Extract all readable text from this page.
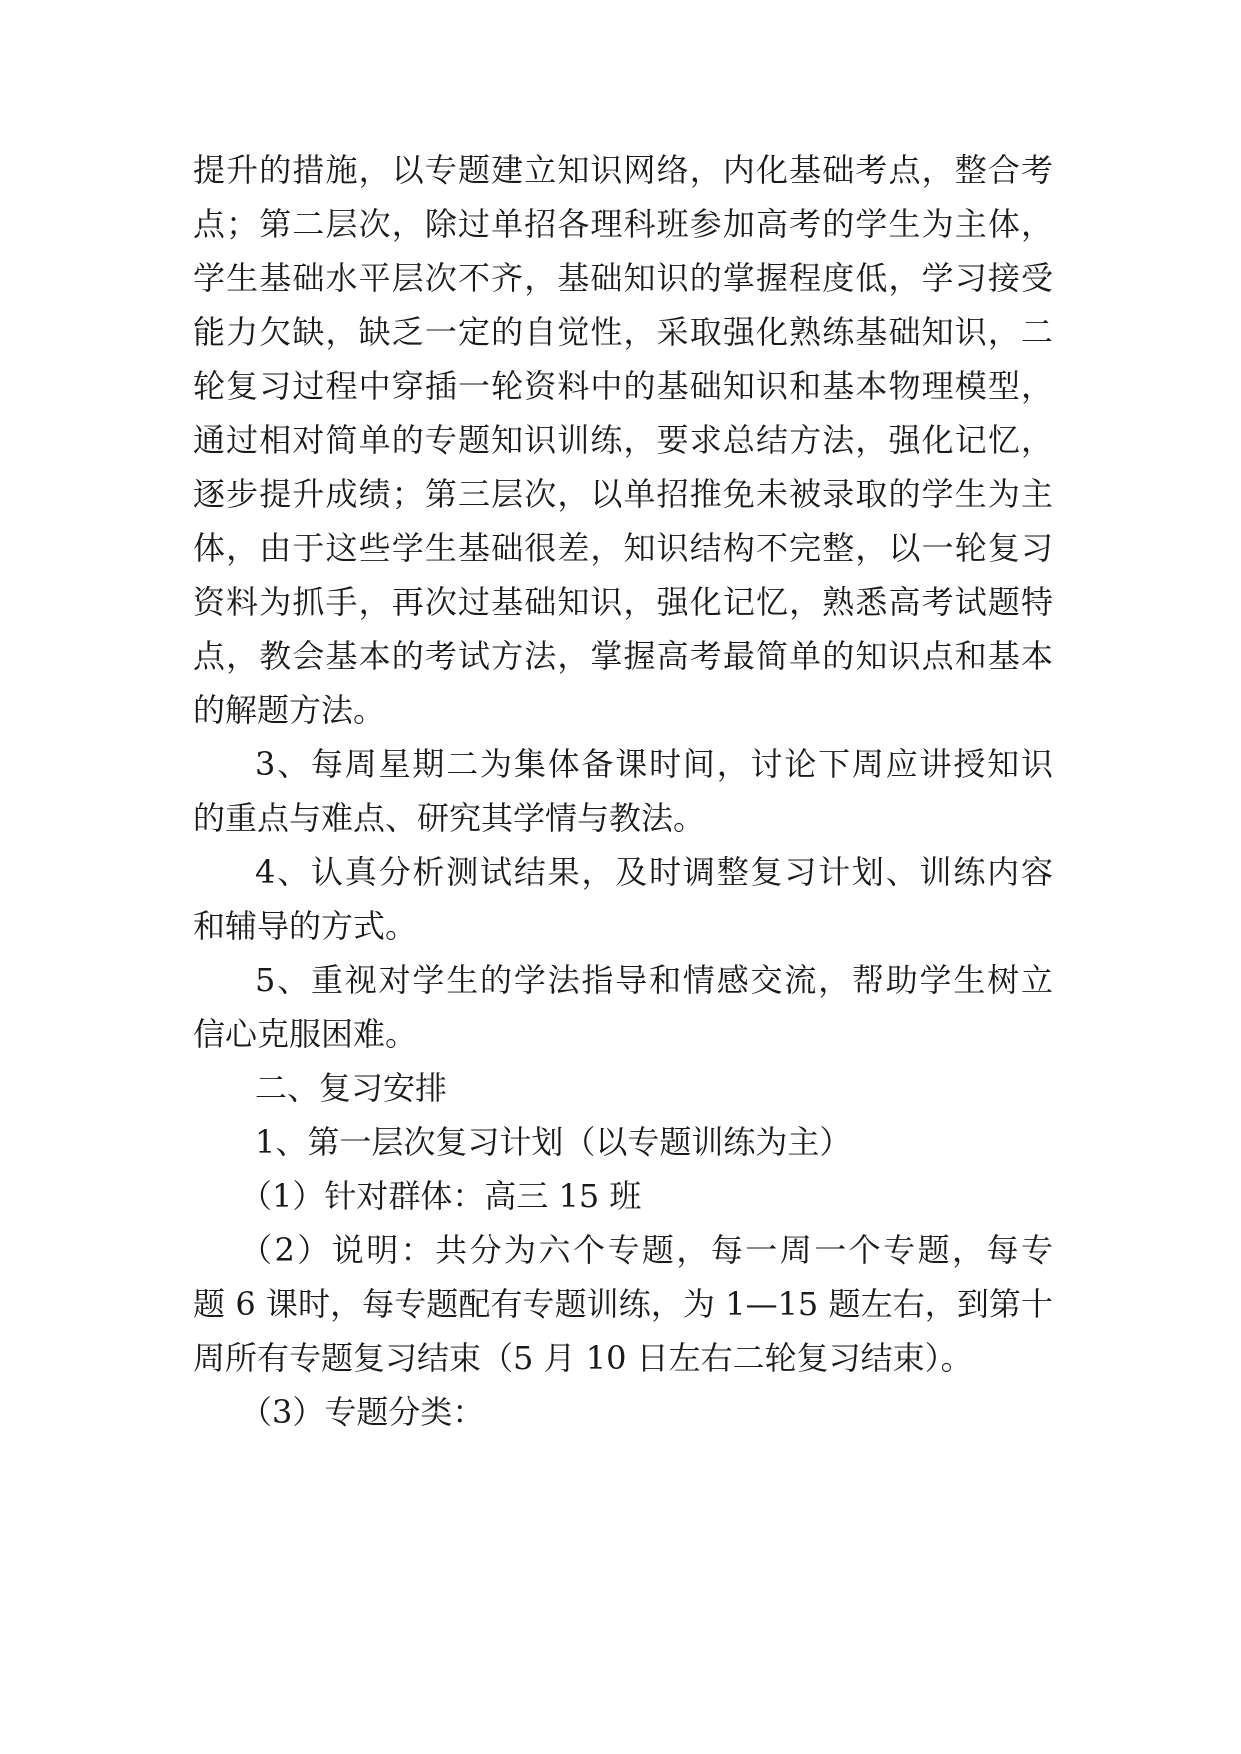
提升的措施，以专题建立知识网络，内化基础考点，整合考
点；第二层次，除过单招各理科班参加高考的学生为主体，
学生基础水平层次不齐，基础知识的掌握程度低，学习接受
能力欠缺，缺乏一定的自觉性，采取强化熟练基础知识，二
轮复习过程中穿插一轮资料中的基础知识和基本物理模型，
通过相对简单的专题知识训练，要求总结方法，强化记忆，
逐步提升成绩；第三层次，以单招推免未被录取的学生为主
体，由于这些学生基础很差，知识结构不完整，以一轮复习
资料为抓手，再次过基础知识，强化记忆，熟悉高考试题特
点，教会基本的考试方法，掌握高考最简单的知识点和基本
的解题方法。
3、每周星期二为集体备课时间，讨论下周应讲授知识
的重点与难点、研究其学情与教法。
4、认真分析测试结果，及时调整复习计划、训练内容
和辅导的方式。
5、重视对学生的学法指导和情感交流，帮助学生树立
信心克服困难。
二、复习安排
1、第一层次复习计划（以专题训练为主）
（1）针对群体：高三 15 班
（2）说明：共分为六个专题，每一周一个专题，每专
题 6 课时，每专题配有专题训练，为 1—15 题左右，到第十
周所有专题复习结束（5 月 10 日左右二轮复习结束）。
（3）专题分类：
